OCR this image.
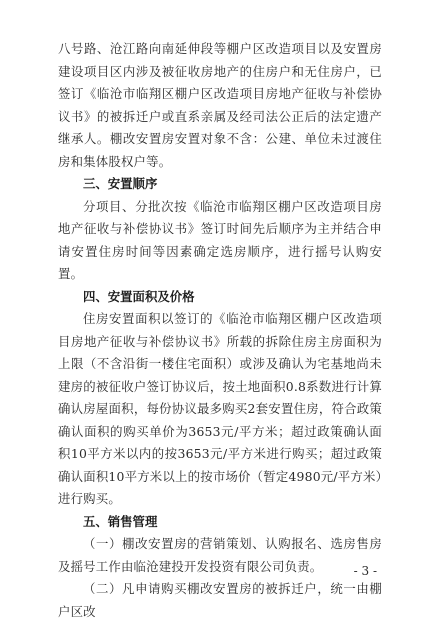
八号路、沧江路向南延伸段等棚户区改造项目以及安置房建设项目区内涉及被征收房地产的住房户和无住房户，已签订《临沧市临翔区棚户区改造项目房地产征收与补偿协议书》的被拆迁户或直系亲属及经司法公正后的法定遗产继承人。棚改安置房安置对象不含：公建、单位未过渡住房和集体股权户等。

三、安置顺序

分项目、分批次按《临沧市临翔区棚户区改造项目房地产征收与补偿协议书》签订时间先后顺序为主并结合申请安置住房时间等因素确定选房顺序，进行摇号认购安置。

四、安置面积及价格

住房安置面积以签订的《临沧市临翔区棚户区改造项目房地产征收与补偿协议书》所载的拆除住房主房面积为上限（不含沿街一楼住宅面积）或涉及确认为宅基地尚未建房的被征收户签订协议后，按土地面积0.8系数进行计算确认房屋面积，每份协议最多购买2套安置住房，符合政策确认面积的购买单价为3653元/平方米；超过政策确认面积10平方米以内的按3653元/平方米进行购买；超过政策确认面积10平方米以上的按市场价（暂定4980元/平方米）进行购买。

五、销售管理

（一）棚改安置房的营销策划、认购报名、选房售房及摇号工作由临沧建投开发投资有限公司负责。

（二）凡申请购买棚改安置房的被拆迁户，统一由棚户区改

- 3 -
